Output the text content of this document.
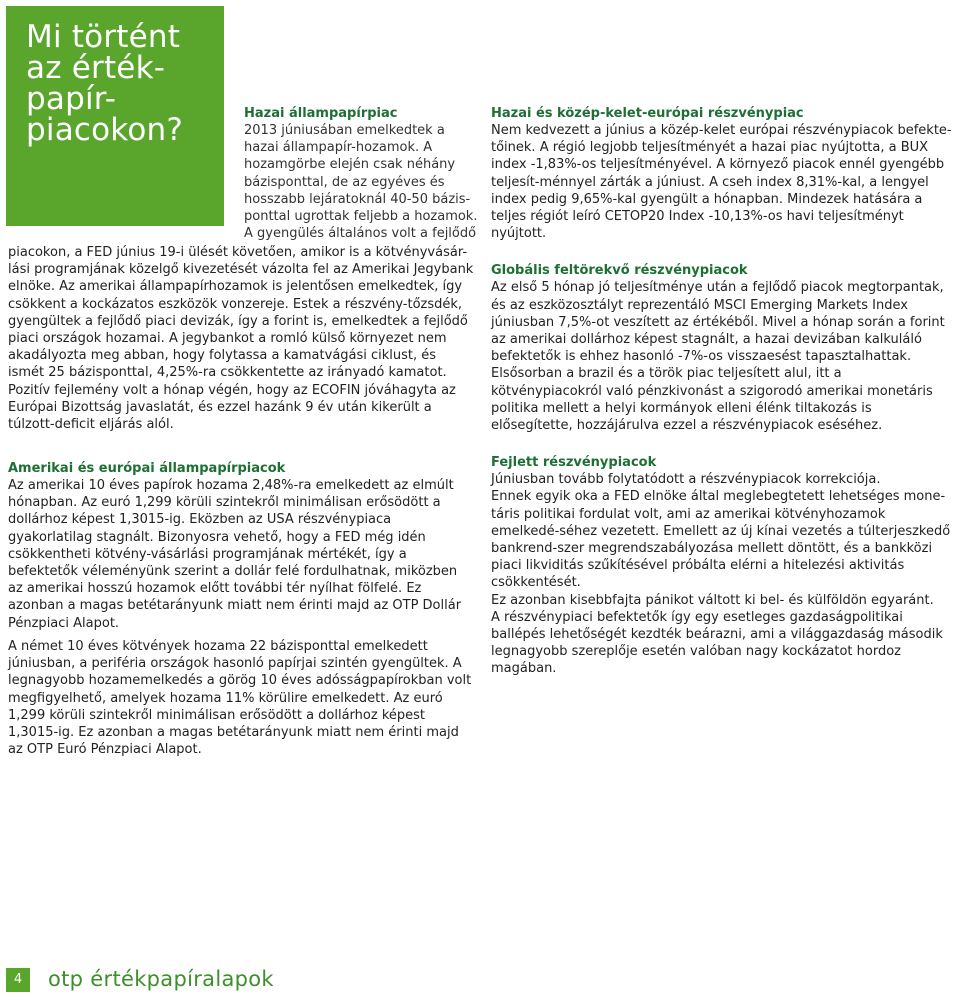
Mi történt az érték-papír-piacokon?	Hazai állampapírpiac
2013 júniusában emelkedtek a hazai állampapír-hozamok. A hozamgörbe elején csak néhány bázisponttal, de az egyéves és hosszabb lejáratoknál 40-50 bázis-ponttal ugrottak feljebb a hozamok. A gyengülés általános volt a fejlődő
piacokon, a FED június 19-i ülését követően, amikor is a kötvényvásár-lási programjának közelgő kivezetését vázolta fel az Amerikai Jegybank elnöke. Az amerikai állampapírhozamok is jelentősen emelkedtek, így csökkent a kockázatos eszközök vonzereje. Estek a részvény-tőzsdék, gyengültek a fejlődő piaci devizák, így a forint is, emelkedtek a fejlődő piaci országok hozamai. A jegybankot a romló külső környezet nem akadályozta meg abban, hogy folytassa a kamatvágási ciklust, és ismét 25 bázisponttal, 4,25%-ra csökkentette az irányadó kamatot. Pozitív fejlemény volt a hónap végén, hogy az ECOFIN jóváhagyta az Európai Bizottság javaslatát, és ezzel hazánk 9 év után kikerült a túlzott-deficit eljárás alól.
Amerikai és európai állampapírpiacok
Az amerikai 10 éves papírok hozama 2,48%-ra emelkedett az elmúlt hónapban. Az euró 1,299 körüli szintekről minimálisan erősödött a dollárhoz képest 1,3015-ig. Eközben az USA részvénypiaca gyakorlatilag stagnált. Bizonyosra vehető, hogy a FED még idén csökkentheti kötvény-vásárlási programjának mértékét, így a befektetők véleményünk szerint a dollár felé fordulhatnak, miközben az amerikai hosszú hozamok előtt további tér nyílhat fölfelé. Ez azonban a magas betétarányunk miatt nem érinti majd az OTP Dollár Pénzpiaci Alapot.
A német 10 éves kötvények hozama 22 bázisponttal emelkedett júniusban, a periféria országok hasonló papírjai szintén gyengültek. A legnagyobb hozamemelkedés a görög 10 éves adósságpapírokban volt megfigyelhető, amelyek hozama 11% körülire emelkedett. Az euró 1,299 körüli szintekről minimálisan erősödött a dollárhoz képest 1,3015-ig. Ez azonban a magas betétarányunk miatt nem érinti majd az OTP Euró Pénzpiaci Alapot.
Hazai és közép-kelet-európai részvénypiac
Nem kedvezett a június a közép-kelet európai részvénypiacok befekte-tőinek. A régió legjobb teljesítményét a hazai piac nyújtotta, a BUX index -1,83%-os teljesítményével. A környező piacok ennél gyengébb teljesít-ménnyel zárták a júniust. A cseh index 8,31%-kal, a lengyel index pedig 9,65%-kal gyengült a hónapban. Mindezek hatására a teljes régiót leíró CETOP20 Index -10,13%-os havi teljesítményt nyújtott.
Globális feltörekvő részvénypiacok
Az első 5 hónap jó teljesítménye után a fejlődő piacok megtorpantak, és az eszközosztályt reprezentáló MSCI Emerging Markets Index júniusban 7,5%-ot veszített az értékéből. Mivel a hónap során a forint az amerikai dollárhoz képest stagnált, a hazai devizában kalkuláló befektetők is ehhez hasonló -7%-os visszaesést tapasztalhattak. Elsősorban a brazil és a török piac teljesített alul, itt a kötvénypiacokról való pénzkivonást a szigorodó amerikai monetáris politika mellett a helyi kormányok elleni élénk tiltakozás is elősegítette, hozzájárulva ezzel a részvénypiacok eséséhez.
Fejlett részvénypiacok

Júniusban tovább folytatódott a részvénypiacok korrekciója.

Ennek egyik oka a FED elnöke által meglebegtetett lehetséges mone-táris politikai fordulat volt, ami az amerikai kötvényhozamok emelkedé-séhez vezetett. Emellett az új kínai vezetés a túlterjeszkedő bankrend-szer megrendszabályozása mellett döntött, és a bankközi piaci likviditás szűkítésével próbálta elérni a hitelezési aktivitás csökkentését.

Ez azonban kisebbfajta pánikot váltott ki bel- és külföldön egyaránt.

A részvénypiaci befektetők így egy esetleges gazdaságpolitikai ballépés lehetőségét kezdték beárazni, ami a világgazdaság második legnagyobb szereplője esetén valóban nagy kockázatot hordoz magában.

4	otp értékpapíralapok
